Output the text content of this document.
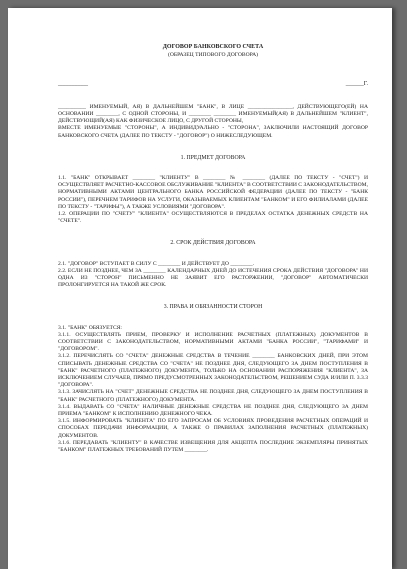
ДОГОВОР БАНКОВСКОГО СЧЕТА
(ОБРАЗЕЦ ТИПОВОГО ДОГОВОРА)
__________	______Г.

__________ ИМЕНУЕМЫЙ, АЯ) В ДАЛЬНЕЙШЕМ "БАНК", В ЛИЦЕ ________________, ДЕЙСТВУЮЩЕГО(ЕЙ) НА ОСНОВАНИИ ________, С ОДНОЙ СТОРОНЫ, И ________ ________ ИМЕНУЕМЫЙ(АЯ) В ДАЛЬНЕЙШЕМ "КЛИЕНТ", ДЕЙСТВУЮЩИЙ(АЯ) КАК ФИЗИЧЕСКОЕ ЛИЦО, С ДРУГОЙ СТОРОНЫ,

ВМЕСТЕ ИМЕНУЕМЫЕ "СТОРОНЫ", А ИНДИВИДУАЛЬНО - "СТОРОНА", ЗАКЛЮЧИЛИ НАСТОЯЩИЙ ДОГОВОР БАНКОВСКОГО СЧЕТА (ДАЛЕЕ ПО ТЕКСТУ - "ДОГОВОР") О НИЖЕСЛЕДУЮЩЕМ.

1. ПРЕДМЕТ ДОГОВОРА

1.1. "БАНК" ОТКРЫВАЕТ ________ "КЛИЕНТУ" В ________ № ________ (ДАЛЕЕ ПО ТЕКСТУ - "СЧЕТ") И ОСУЩЕСТВЛЯЕТ РАСЧЕТНО-КАССОВОЕ ОБСЛУЖИВАНИЕ "КЛИЕНТА" В СООТВЕТСТВИИ С ЗАКОНОДАТЕЛЬСТВОМ, НОРМАТИВНЫМИ АКТАМИ ЦЕНТРАЛЬНОГО БАНКА РОССИЙСКОЙ ФЕДЕРАЦИИ (ДАЛЕЕ ПО ТЕКСТУ - "БАНК РОССИИ"), ПЕРЕЧНЕМ ТАРИФОВ НА УСЛУГИ, ОКАЗЫВАЕМЫХ КЛИЕНТАМ "БАНКОМ" И ЕГО ФИЛИАЛАМИ (ДАЛЕЕ ПО ТЕКСТУ - "ТАРИФЫ"), А ТАКЖЕ УСЛОВИЯМИ "ДОГОВОРА".

1.2. ОПЕРАЦИИ ПО "СЧЕТУ" "КЛИЕНТА" ОСУЩЕСТВЛЯЮТСЯ В ПРЕДЕЛАХ ОСТАТКА ДЕНЕЖНЫХ СРЕДСТВ НА "СЧЕТЕ".

2. СРОК ДЕЙСТВИЯ ДОГОВОРА

2.1. "ДОГОВОР" ВСТУПАЕТ В СИЛУ С ________ И ДЕЙСТВУЕТ ДО ________.

2.2. ЕСЛИ НЕ ПОЗДНЕЕ, ЧЕМ ЗА ________ КАЛЕНДАРНЫХ ДНЕЙ ДО ИСТЕЧЕНИЯ СРОКА ДЕЙСТВИЯ "ДОГОВОРА" НИ ОДНА ИЗ "СТОРОН" ПИСЬМЕННО НЕ ЗАЯВИТ ЕГО РАСТОРЖЕНИИ, "ДОГОВОР" АВТОМАТИЧЕСКИ ПРОЛОНГИРУЕТСЯ НА ТАКОЙ ЖЕ СРОК.

3. ПРАВА И ОБЯЗАННОСТИ СТОРОН

3.1. "БАНК" ОБЯЗУЕТСЯ:

3.1.1. ОСУЩЕСТВЛЯТЬ ПРИЕМ, ПРОВЕРКУ И ИСПОЛНЕНИЕ РАСЧЕТНЫХ (ПЛАТЕЖНЫХ) ДОКУМЕНТОВ В СООТВЕТСТВИИ С ЗАКОНОДАТЕЛЬСТВОМ, НОРМАТИВНЫМИ АКТАМИ "БАНКА РОССИИ", "ТАРИФАМИ" И "ДОГОВОРОМ".

3.1.2. ПЕРЕЧИСЛЯТЬ СО "СЧЕТА" ДЕНЕЖНЫЕ СРЕДСТВА В ТЕЧЕНИЕ ________ БАНКОВСКИХ ДНЕЙ, ПРИ ЭТОМ СПИСЫВАТЬ ДЕНЕЖНЫЕ СРЕДСТВА СО "СЧЕТА" НЕ ПОЗДНЕЕ ДНЯ, СЛЕДУЮЩЕГО ЗА ДНЕМ ПОСТУПЛЕНИЯ В "БАНК" РАСЧЕТНОГО (ПЛАТЕЖНОГО) ДОКУМЕНТА, ТОЛЬКО НА ОСНОВАНИИ РАСПОРЯЖЕНИЯ "КЛИЕНТА", ЗА ИСКЛЮЧЕНИЕМ СЛУЧАЕВ, ПРЯМО ПРЕДУСМОТРЕННЫХ ЗАКОНОДАТЕЛЬСТВОМ, РЕШЕНИЕМ СУДА И/ИЛИ П. 3.3.3 "ДОГОВОРА".

3.1.3. ЗАЧИСЛЯТЬ НА "СЧЕТ" ДЕНЕЖНЫЕ СРЕДСТВА НЕ ПОЗДНЕЕ ДНЯ, СЛЕДУЮЩЕГО ЗА ДНЕМ ПОСТУПЛЕНИЯ В "БАНК" РАСЧЕТНОГО (ПЛАТЕЖНОГО) ДОКУМЕНТА.

3.1.4. ВЫДАВАТЬ СО "СЧЕТА" НАЛИЧНЫЕ ДЕНЕЖНЫЕ СРЕДСТВА НЕ ПОЗДНЕЕ ДНЯ, СЛЕДУЮЩЕГО ЗА ДНЕМ ПРИЕМА "БАНКОМ" К ИСПОЛНЕНИЮ ДЕНЕЖНОГО ЧЕКА.

3.1.5. ИНФОРМИРОВАТЬ "КЛИЕНТА" ПО ЕГО ЗАПРОСАМ ОБ УСЛОВИЯХ ПРОВЕДЕНИЯ РАСЧЕТНЫХ ОПЕРАЦИЙ И СПОСОБАХ ПЕРЕДАЧИ ИНФОРМАЦИИ, А ТАКЖЕ О ПРАВИЛАХ ЗАПОЛНЕНИЯ РАСЧЕТНЫХ (ПЛАТЕЖНЫХ) ДОКУМЕНТОВ.

3.1.6. ПЕРЕДАВАТЬ "КЛИЕНТУ" В КАЧЕСТВЕ ИЗВЕЩЕНИЯ ДЛЯ АКЦЕПТА ПОСЛЕДНИЕ ЭКЗЕМПЛЯРЫ ПРИНЯТЫХ "БАНКОМ" ПЛАТЕЖНЫХ ТРЕБОВАНИЙ ПУТЕМ ________.
